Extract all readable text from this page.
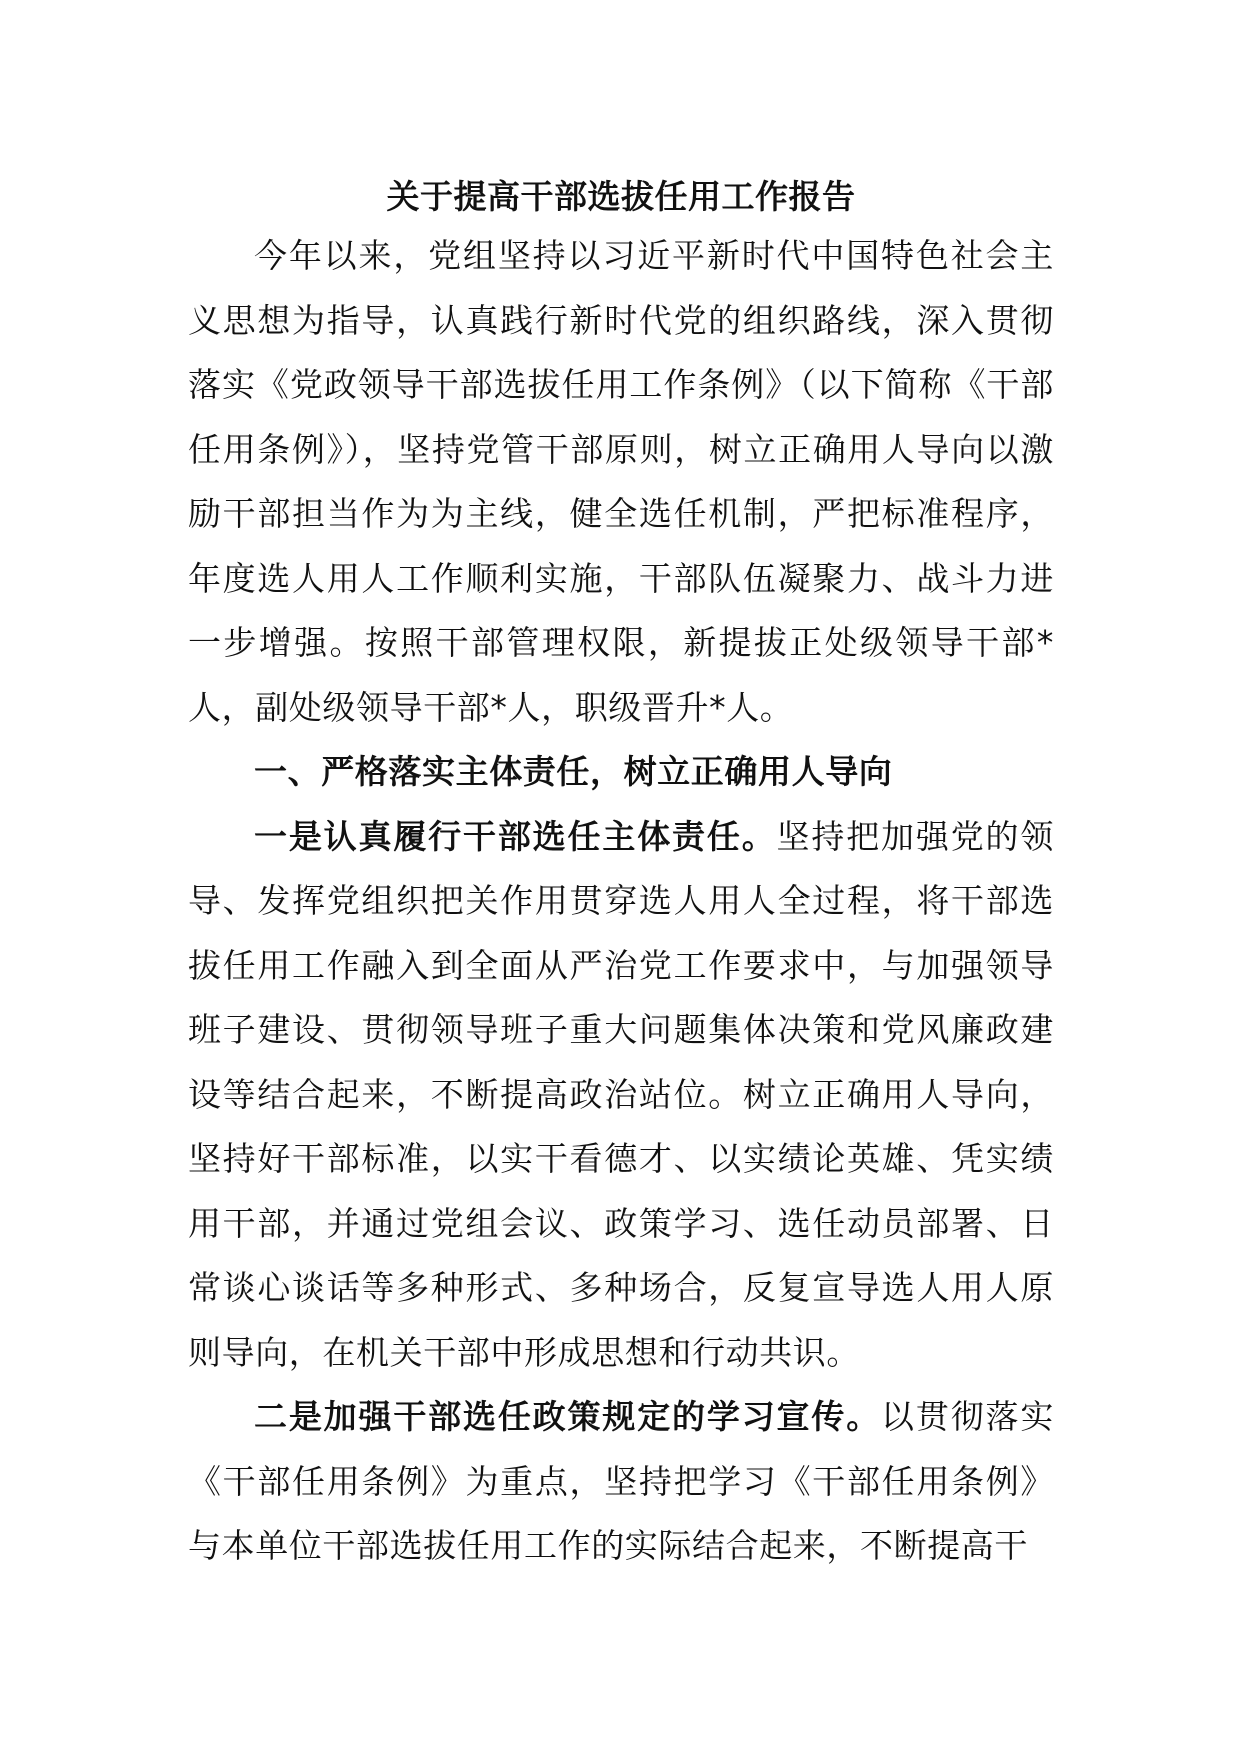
关于提高干部选拔任用工作报告

今年以来，党组坚持以习近平新时代中国特色社会主义思想为指导，认真践行新时代党的组织路线，深入贯彻落实《党政领导干部选拔任用工作条例》（以下简称《干部任用条例》），坚持党管干部原则，树立正确用人导向以激励干部担当作为为主线，健全选任机制，严把标准程序，年度选人用人工作顺利实施，干部队伍凝聚力、战斗力进一步增强。按照干部管理权限，新提拔正处级领导干部*人，副处级领导干部*人，职级晋升*人。

一、严格落实主体责任，树立正确用人导向

一是认真履行干部选任主体责任。坚持把加强党的领导、发挥党组织把关作用贯穿选人用人全过程，将干部选拔任用工作融入到全面从严治党工作要求中，与加强领导班子建设、贯彻领导班子重大问题集体决策和党风廉政建设等结合起来，不断提高政治站位。树立正确用人导向，坚持好干部标准，以实干看德才、以实绩论英雄、凭实绩用干部，并通过党组会议、政策学习、选任动员部署、日常谈心谈话等多种形式、多种场合，反复宣导选人用人原则导向，在机关干部中形成思想和行动共识。

二是加强干部选任政策规定的学习宣传。以贯彻落实《干部任用条例》为重点，坚持把学习《干部任用条例》与本单位干部选拔任用工作的实际结合起来，不断提高干
